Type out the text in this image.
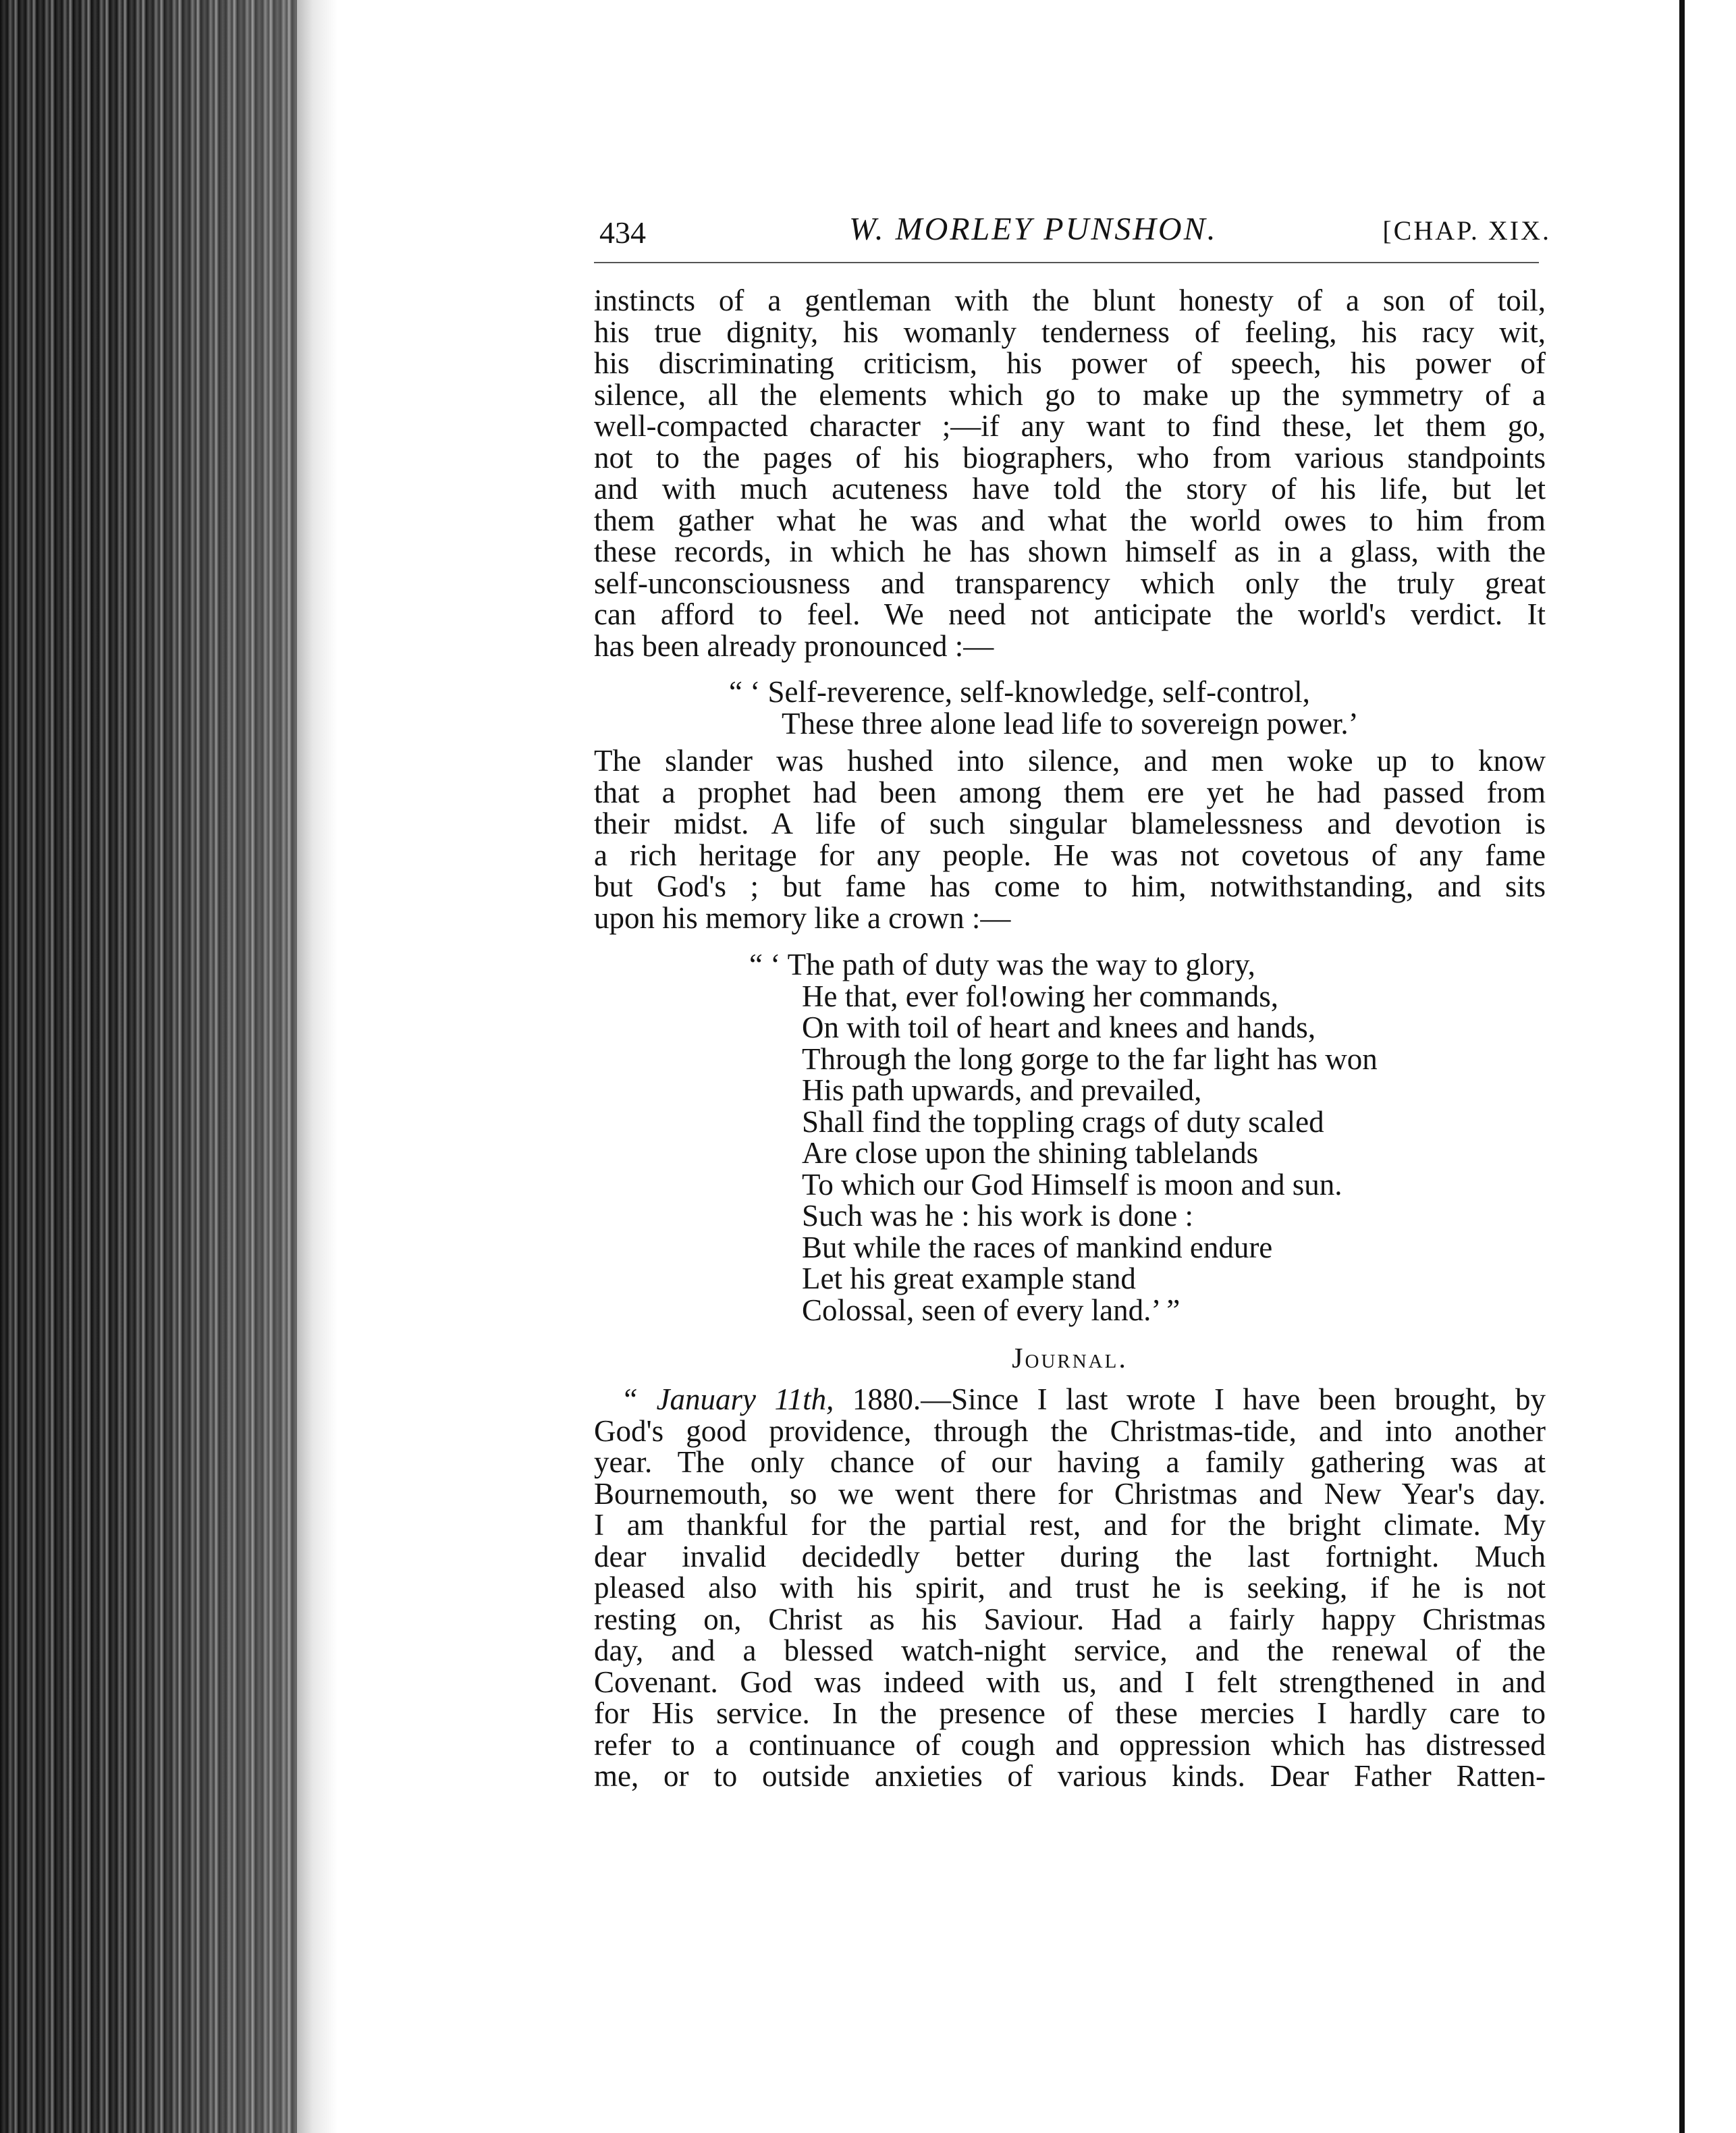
434	W. MORLEY PUNSHON.	[CHAP. XIX.
instincts of a gentleman with the blunt honesty of a son of toil,
his true dignity, his womanly tenderness of feeling, his racy wit,
his discriminating criticism, his power of speech, his power of
silence, all the elements which go to make up the symmetry of a
well-compacted character ;—if any want to find these, let them go,
not to the pages of his biographers, who from various standpoints
and with much acuteness have told the story of his life, but let
them gather what he was and what the world owes to him from
these records, in which he has shown himself as in a glass, with the
self-unconsciousness and transparency which only the truly great
can afford to feel. We need not anticipate the world's verdict. It
has been already pronounced :—
“ ‘ Self-reverence, self-knowledge, self-control,
These three alone lead life to sovereign power.’
The slander was hushed into silence, and men woke up to know
that a prophet had been among them ere yet he had passed from
their midst. A life of such singular blamelessness and devotion is
a rich heritage for any people. He was not covetous of any fame
but God's ; but fame has come to him, notwithstanding, and sits
upon his memory like a crown :—
“ ‘ The path of duty was the way to glory,
He that, ever fol!owing her commands,
On with toil of heart and knees and hands,
Through the long gorge to the far light has won
His path upwards, and prevailed,
Shall find the toppling crags of duty scaled
Are close upon the shining tablelands
To which our God Himself is moon and sun.
Such was he : his work is done :
But while the races of mankind endure
Let his great example stand
Colossal, seen of every land.’ ”
Journal.
“ January 11th, 1880.—Since I last wrote I have been brought, by
God's good providence, through the Christmas-tide, and into another
year. The only chance of our having a family gathering was at
Bournemouth, so we went there for Christmas and New Year's day.
I am thankful for the partial rest, and for the bright climate. My
dear invalid decidedly better during the last fortnight. Much
pleased also with his spirit, and trust he is seeking, if he is not
resting on, Christ as his Saviour. Had a fairly happy Christmas
day, and a blessed watch-night service, and the renewal of the
Covenant. God was indeed with us, and I felt strengthened in and
for His service. In the presence of these mercies I hardly care to
refer to a continuance of cough and oppression which has distressed
me, or to outside anxieties of various kinds. Dear Father Ratten-
